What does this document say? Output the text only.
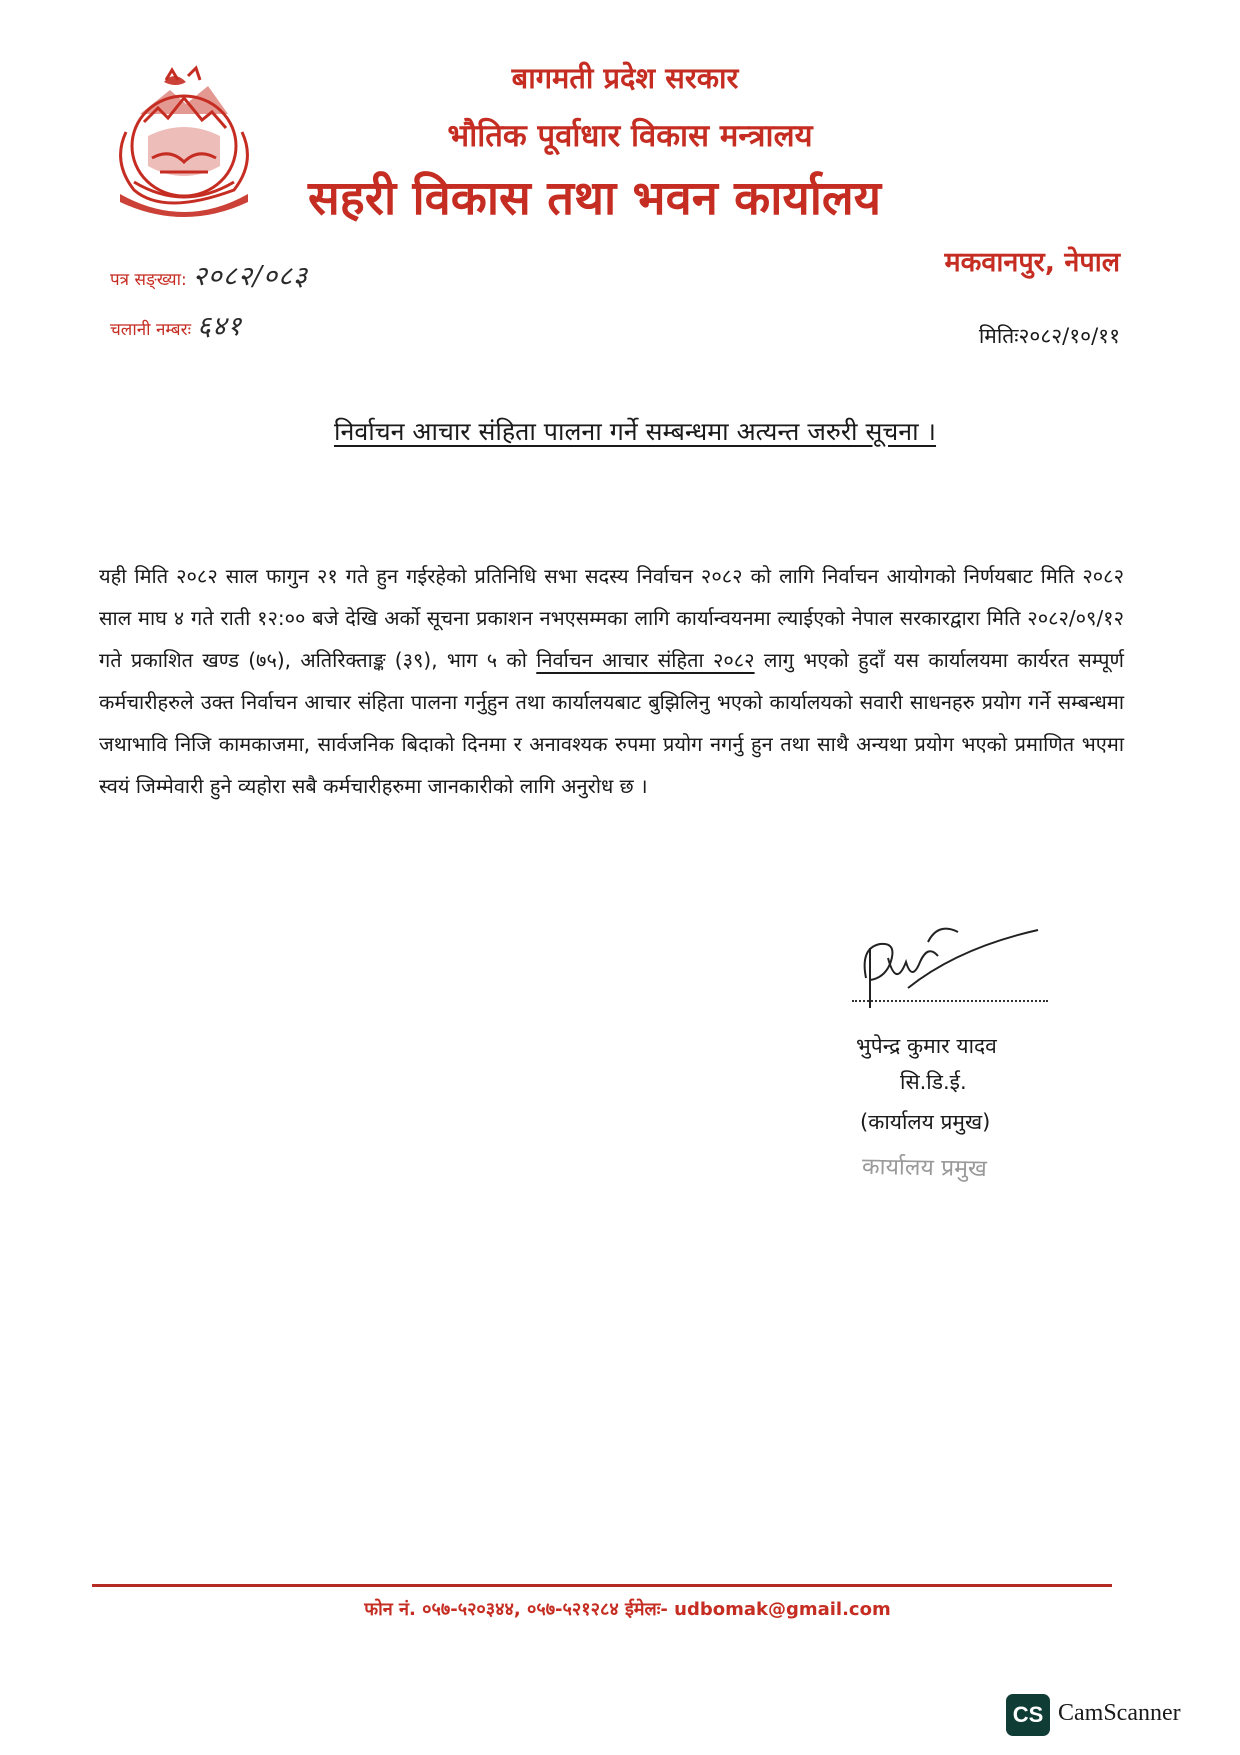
बागमती प्रदेश सरकार
भौतिक पूर्वाधार विकास मन्त्रालय
सहरी विकास तथा भवन कार्यालय
मकवानपुर, नेपाल
पत्र सङ्ख्या: २०८२/०८३
चलानी नम्बरः ६४१	मितिः२०८२/१०/११
निर्वाचन आचार संहिता पालना गर्ने सम्बन्धमा अत्यन्त जरुरी सूचना ।
यही मिति २०८२ साल फागुन २१ गते हुन गईरहेको प्रतिनिधि सभा सदस्य निर्वाचन २०८२ को लागि निर्वाचन आयोगको निर्णयबाट मिति २०८२ साल माघ ४ गते राती १२:०० बजे देखि अर्को सूचना प्रकाशन नभएसम्मका लागि कार्यान्वयनमा ल्याईएको नेपाल सरकारद्वारा मिति २०८२/०९/१२ गते प्रकाशित खण्ड (७५), अतिरिक्ताङ्क (३९), भाग ५ को निर्वाचन आचार संहिता २०८२ लागु भएको हुदाँ यस कार्यालयमा कार्यरत सम्पूर्ण कर्मचारीहरुले उक्त निर्वाचन आचार संहिता पालना गर्नुहुन तथा कार्यालयबाट बुझिलिनु भएको कार्यालयको सवारी साधनहरु प्रयोग गर्ने सम्बन्धमा जथाभावि निजि कामकाजमा, सार्वजनिक बिदाको दिनमा र अनावश्यक रुपमा प्रयोग नगर्नु हुन तथा साथै अन्यथा प्रयोग भएको प्रमाणित भएमा स्वयं जिम्मेवारी हुने व्यहोरा सबै कर्मचारीहरुमा जानकारीको लागि अनुरोध छ ।
भुपेन्द्र कुमार यादव
सि.डि.ई.
(कार्यालय प्रमुख)
कार्यालय प्रमुख
फोन नं. ०५७-५२०३४४, ०५७-५२१२८४ ईमेलः- udbomak@gmail.com
CS CamScanner
